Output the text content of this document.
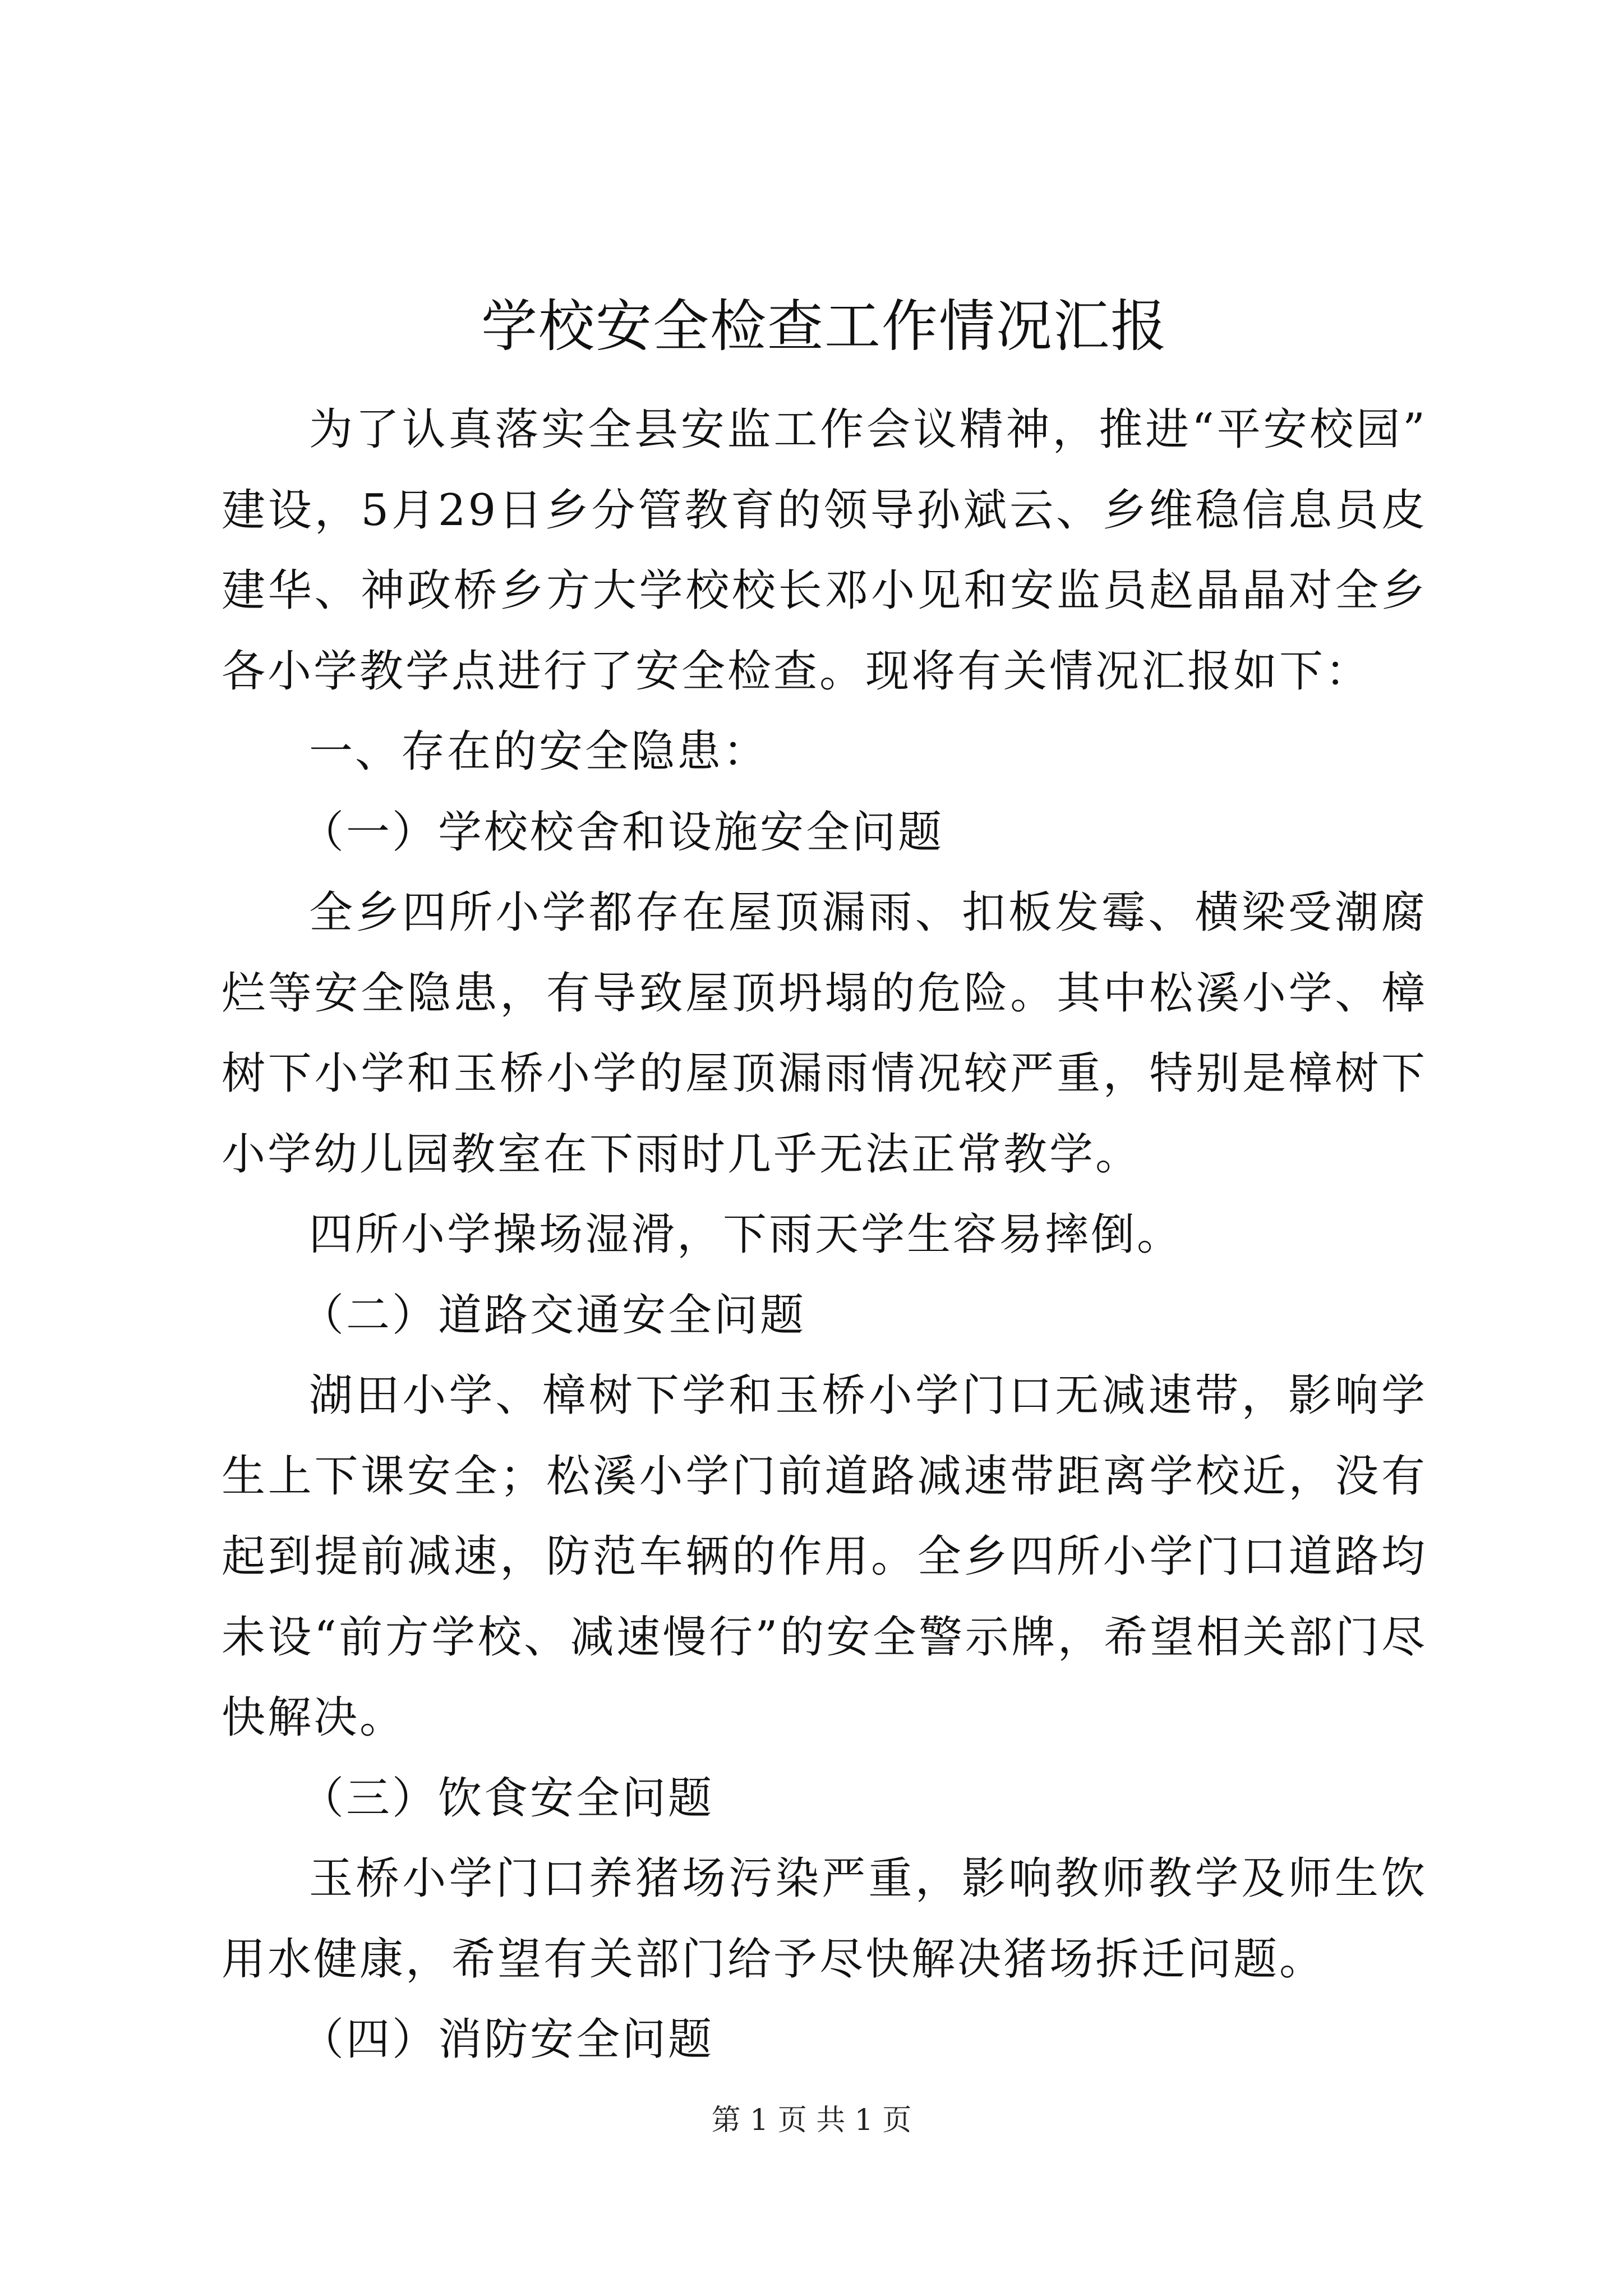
学校安全检查工作情况汇报

为了认真落实全县安监工作会议精神，推进“平安校园”建设，5月29日乡分管教育的领导孙斌云、乡维稳信息员皮建华、神政桥乡方大学校校长邓小见和安监员赵晶晶对全乡各小学教学点进行了安全检查。现将有关情况汇报如下：

一、存在的安全隐患：

（一）学校校舍和设施安全问题

全乡四所小学都存在屋顶漏雨、扣板发霉、横梁受潮腐烂等安全隐患，有导致屋顶坍塌的危险。其中松溪小学、樟树下小学和玉桥小学的屋顶漏雨情况较严重，特别是樟树下小学幼儿园教室在下雨时几乎无法正常教学。

四所小学操场湿滑，下雨天学生容易摔倒。

（二）道路交通安全问题

湖田小学、樟树下学和玉桥小学门口无减速带，影响学生上下课安全；松溪小学门前道路减速带距离学校近，没有起到提前减速，防范车辆的作用。全乡四所小学门口道路均未设“前方学校、减速慢行”的安全警示牌，希望相关部门尽快解决。

（三）饮食安全问题

玉桥小学门口养猪场污染严重，影响教师教学及师生饮用水健康，希望有关部门给予尽快解决猪场拆迁问题。

（四）消防安全问题

第 1 页 共 1 页
